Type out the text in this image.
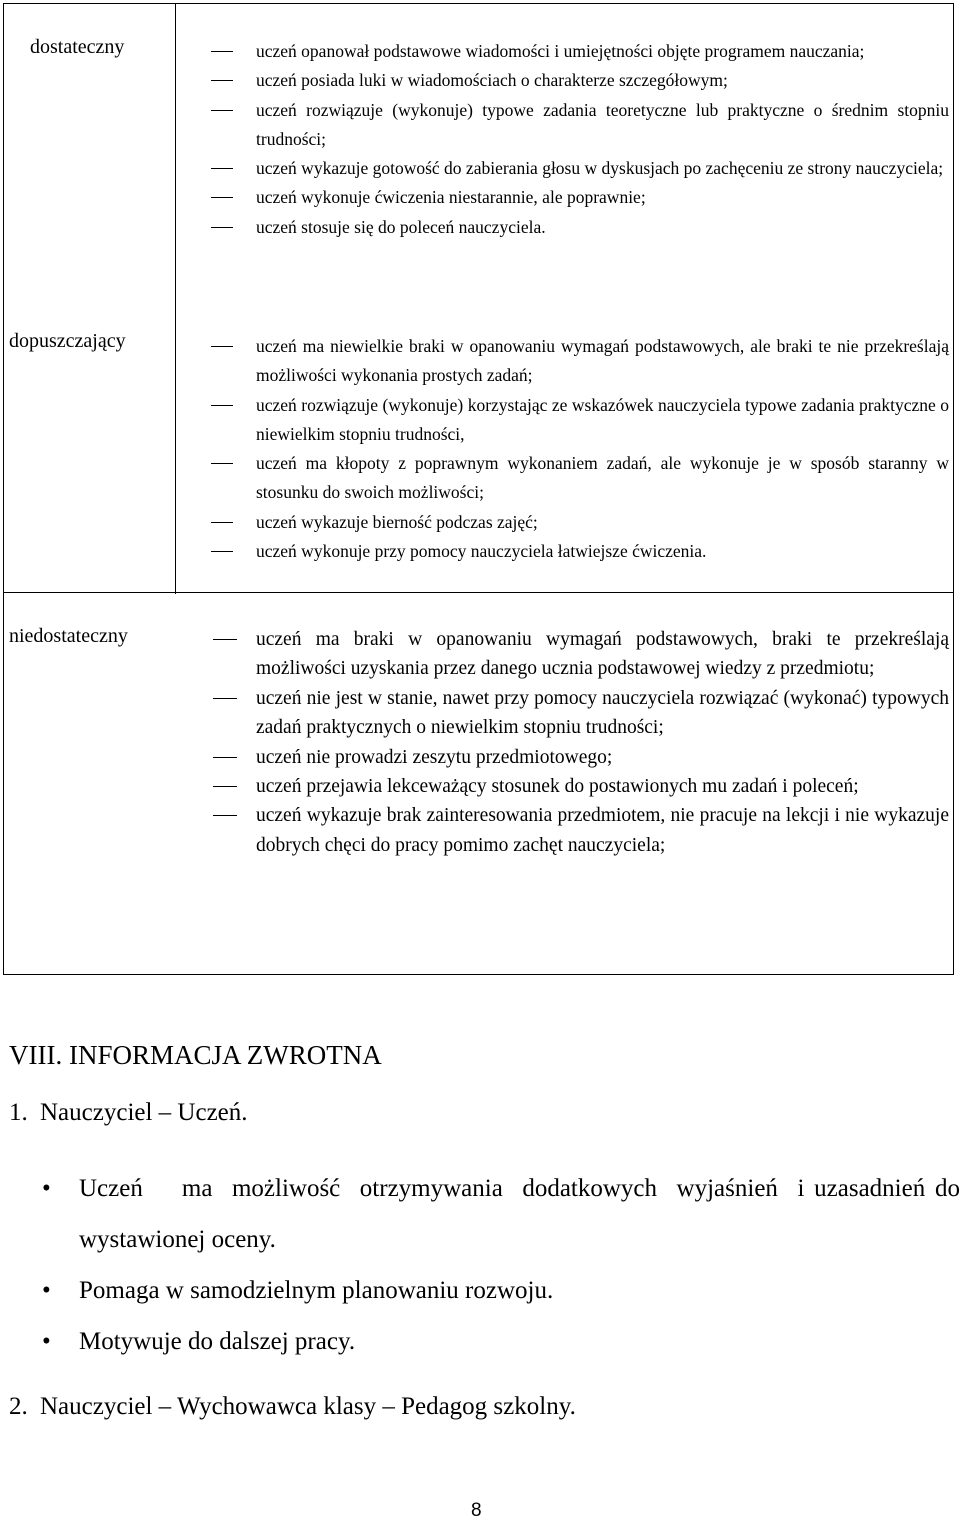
dostateczny	uczeń opanował podstawowe wiadomości i umiejętności objęte programem nauczania;
uczeń posiada luki w wiadomościach o charakterze szczegółowym;
uczeń rozwiązuje (wykonuje) typowe zadania teoretyczne lub praktyczne o średnim stopniu trudności;
uczeń wykazuje gotowość do zabierania głosu w dyskusjach po zachęceniu ze strony nauczyciela;
uczeń wykonuje ćwiczenia niestarannie, ale poprawnie;
uczeń stosuje się do poleceń nauczyciela.
dopuszczający	uczeń ma niewielkie braki w opanowaniu wymagań podstawowych, ale braki te nie przekreślają możliwości wykonania prostych zadań;
uczeń rozwiązuje (wykonuje) korzystając ze wskazówek nauczyciela typowe zadania praktyczne o niewielkim stopniu trudności,
uczeń ma kłopoty z poprawnym wykonaniem zadań, ale wykonuje je w sposób staranny w stosunku do swoich możliwości;
uczeń wykazuje bierność podczas zajęć;
uczeń wykonuje przy pomocy nauczyciela łatwiejsze ćwiczenia.
niedostateczny	uczeń ma braki w opanowaniu wymagań podstawowych, braki te przekreślają możliwości uzyskania przez danego ucznia podstawowej wiedzy z przedmiotu;
uczeń nie jest w stanie, nawet przy pomocy nauczyciela rozwiązać (wykonać) typowych zadań praktycznych o niewielkim stopniu trudności;
uczeń nie prowadzi zeszytu przedmiotowego;
uczeń przejawia lekceważący stosunek do postawionych mu zadań i poleceń;
uczeń wykazuje brak zainteresowania przedmiotem, nie pracuje na lekcji i nie wykazuje dobrych chęci do pracy pomimo zachęt nauczyciela;
VIII. INFORMACJA ZWROTNA
1. Nauczyciel – Uczeń.
• Uczeń    ma  możliwość  otrzymywania  dodatkowych  wyjaśnień  i uzasadnień do wystawionej oceny.
• Pomaga w samodzielnym planowaniu rozwoju.
• Motywuje do dalszej pracy.
2. Nauczyciel – Wychowawca klasy – Pedagog szkolny.
8
